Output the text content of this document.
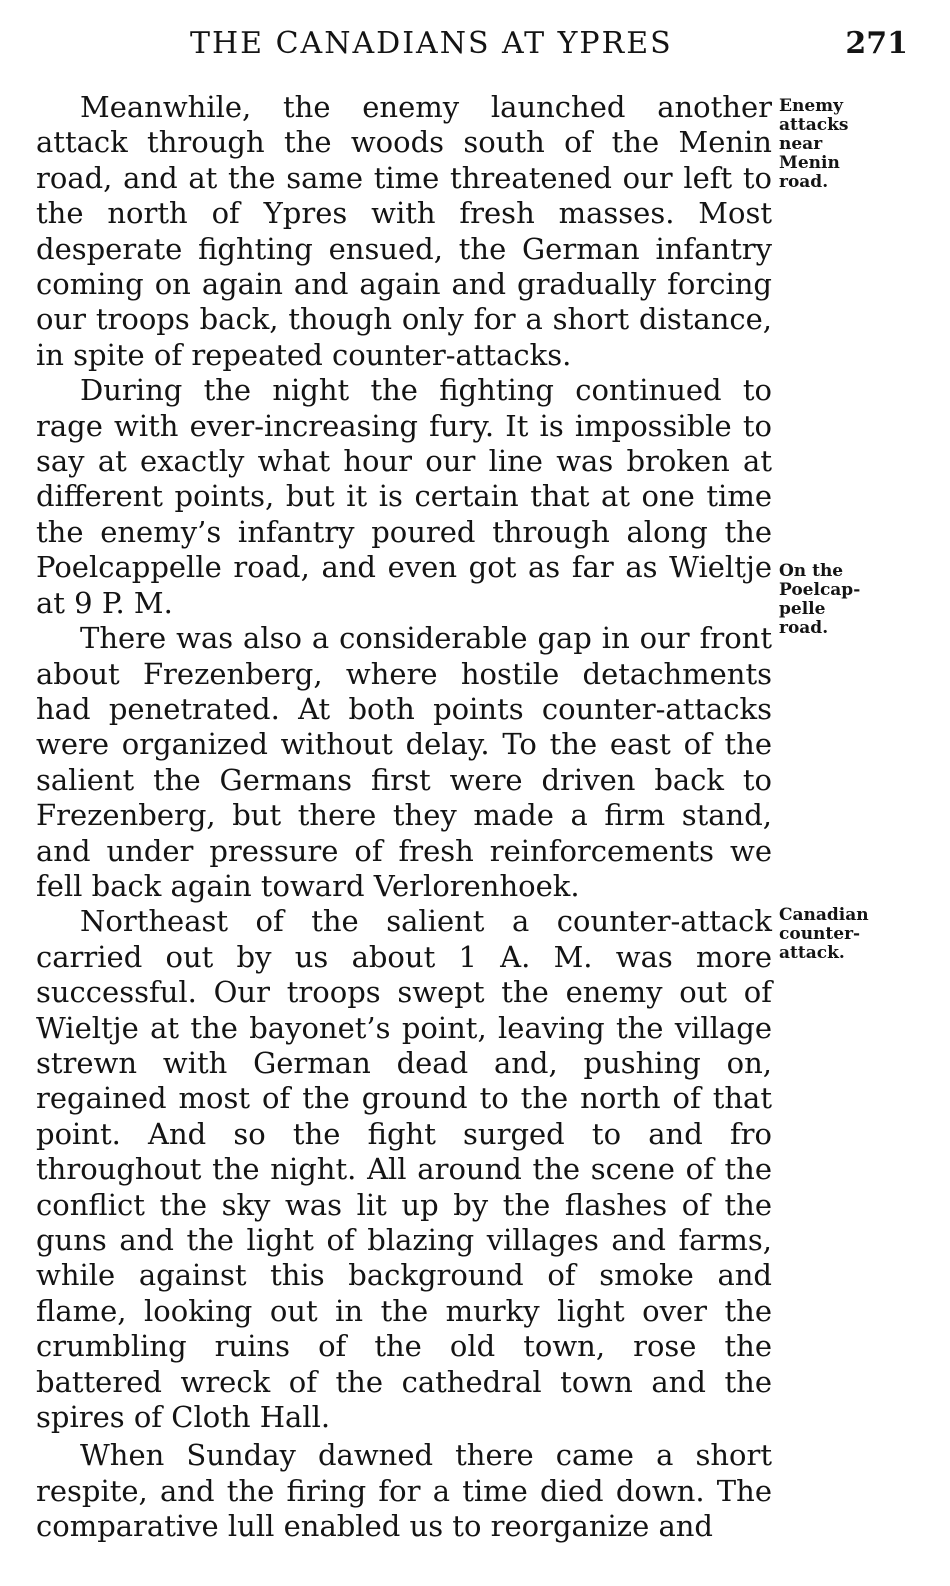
THE CANADIANS AT YPRES	271

Meanwhile, the enemy launched another attack through the woods south of the Menin road, and at the same time threatened our left to the north of Ypres with fresh masses. Most desperate fighting ensued, the German infantry coming on again and again and gradually forcing our troops back, though only for a short distance, in spite of repeated counter-attacks.

During the night the fighting continued to rage with ever-increasing fury. It is impossible to say at exactly what hour our line was broken at different points, but it is certain that at one time the enemy’s infantry poured through along the Poelcappelle road, and even got as far as Wieltje at 9 P. M.

There was also a considerable gap in our front about Frezenberg, where hostile detachments had penetrated. At both points counter-attacks were organized without delay. To the east of the salient the Germans first were driven back to Frezenberg, but there they made a firm stand, and under pressure of fresh reinforcements we fell back again toward Verlorenhoek.

Northeast of the salient a counter-attack carried out by us about 1 A. M. was more successful. Our troops swept the enemy out of Wieltje at the bayonet’s point, leaving the village strewn with German dead and, pushing on, regained most of the ground to the north of that point. And so the fight surged to and fro throughout the night. All around the scene of the conflict the sky was lit up by the flashes of the guns and the light of blazing villages and farms, while against this background of smoke and flame, looking out in the murky light over the crumbling ruins of the old town, rose the battered wreck of the cathedral town and the spires of Cloth Hall.

When Sunday dawned there came a short respite, and the firing for a time died down. The comparative lull enabled us to reorganize and

Enemy
attacks
near
Menin
road.
On the
Poelcap-
pelle
road.
Canadian
counter-
attack.
